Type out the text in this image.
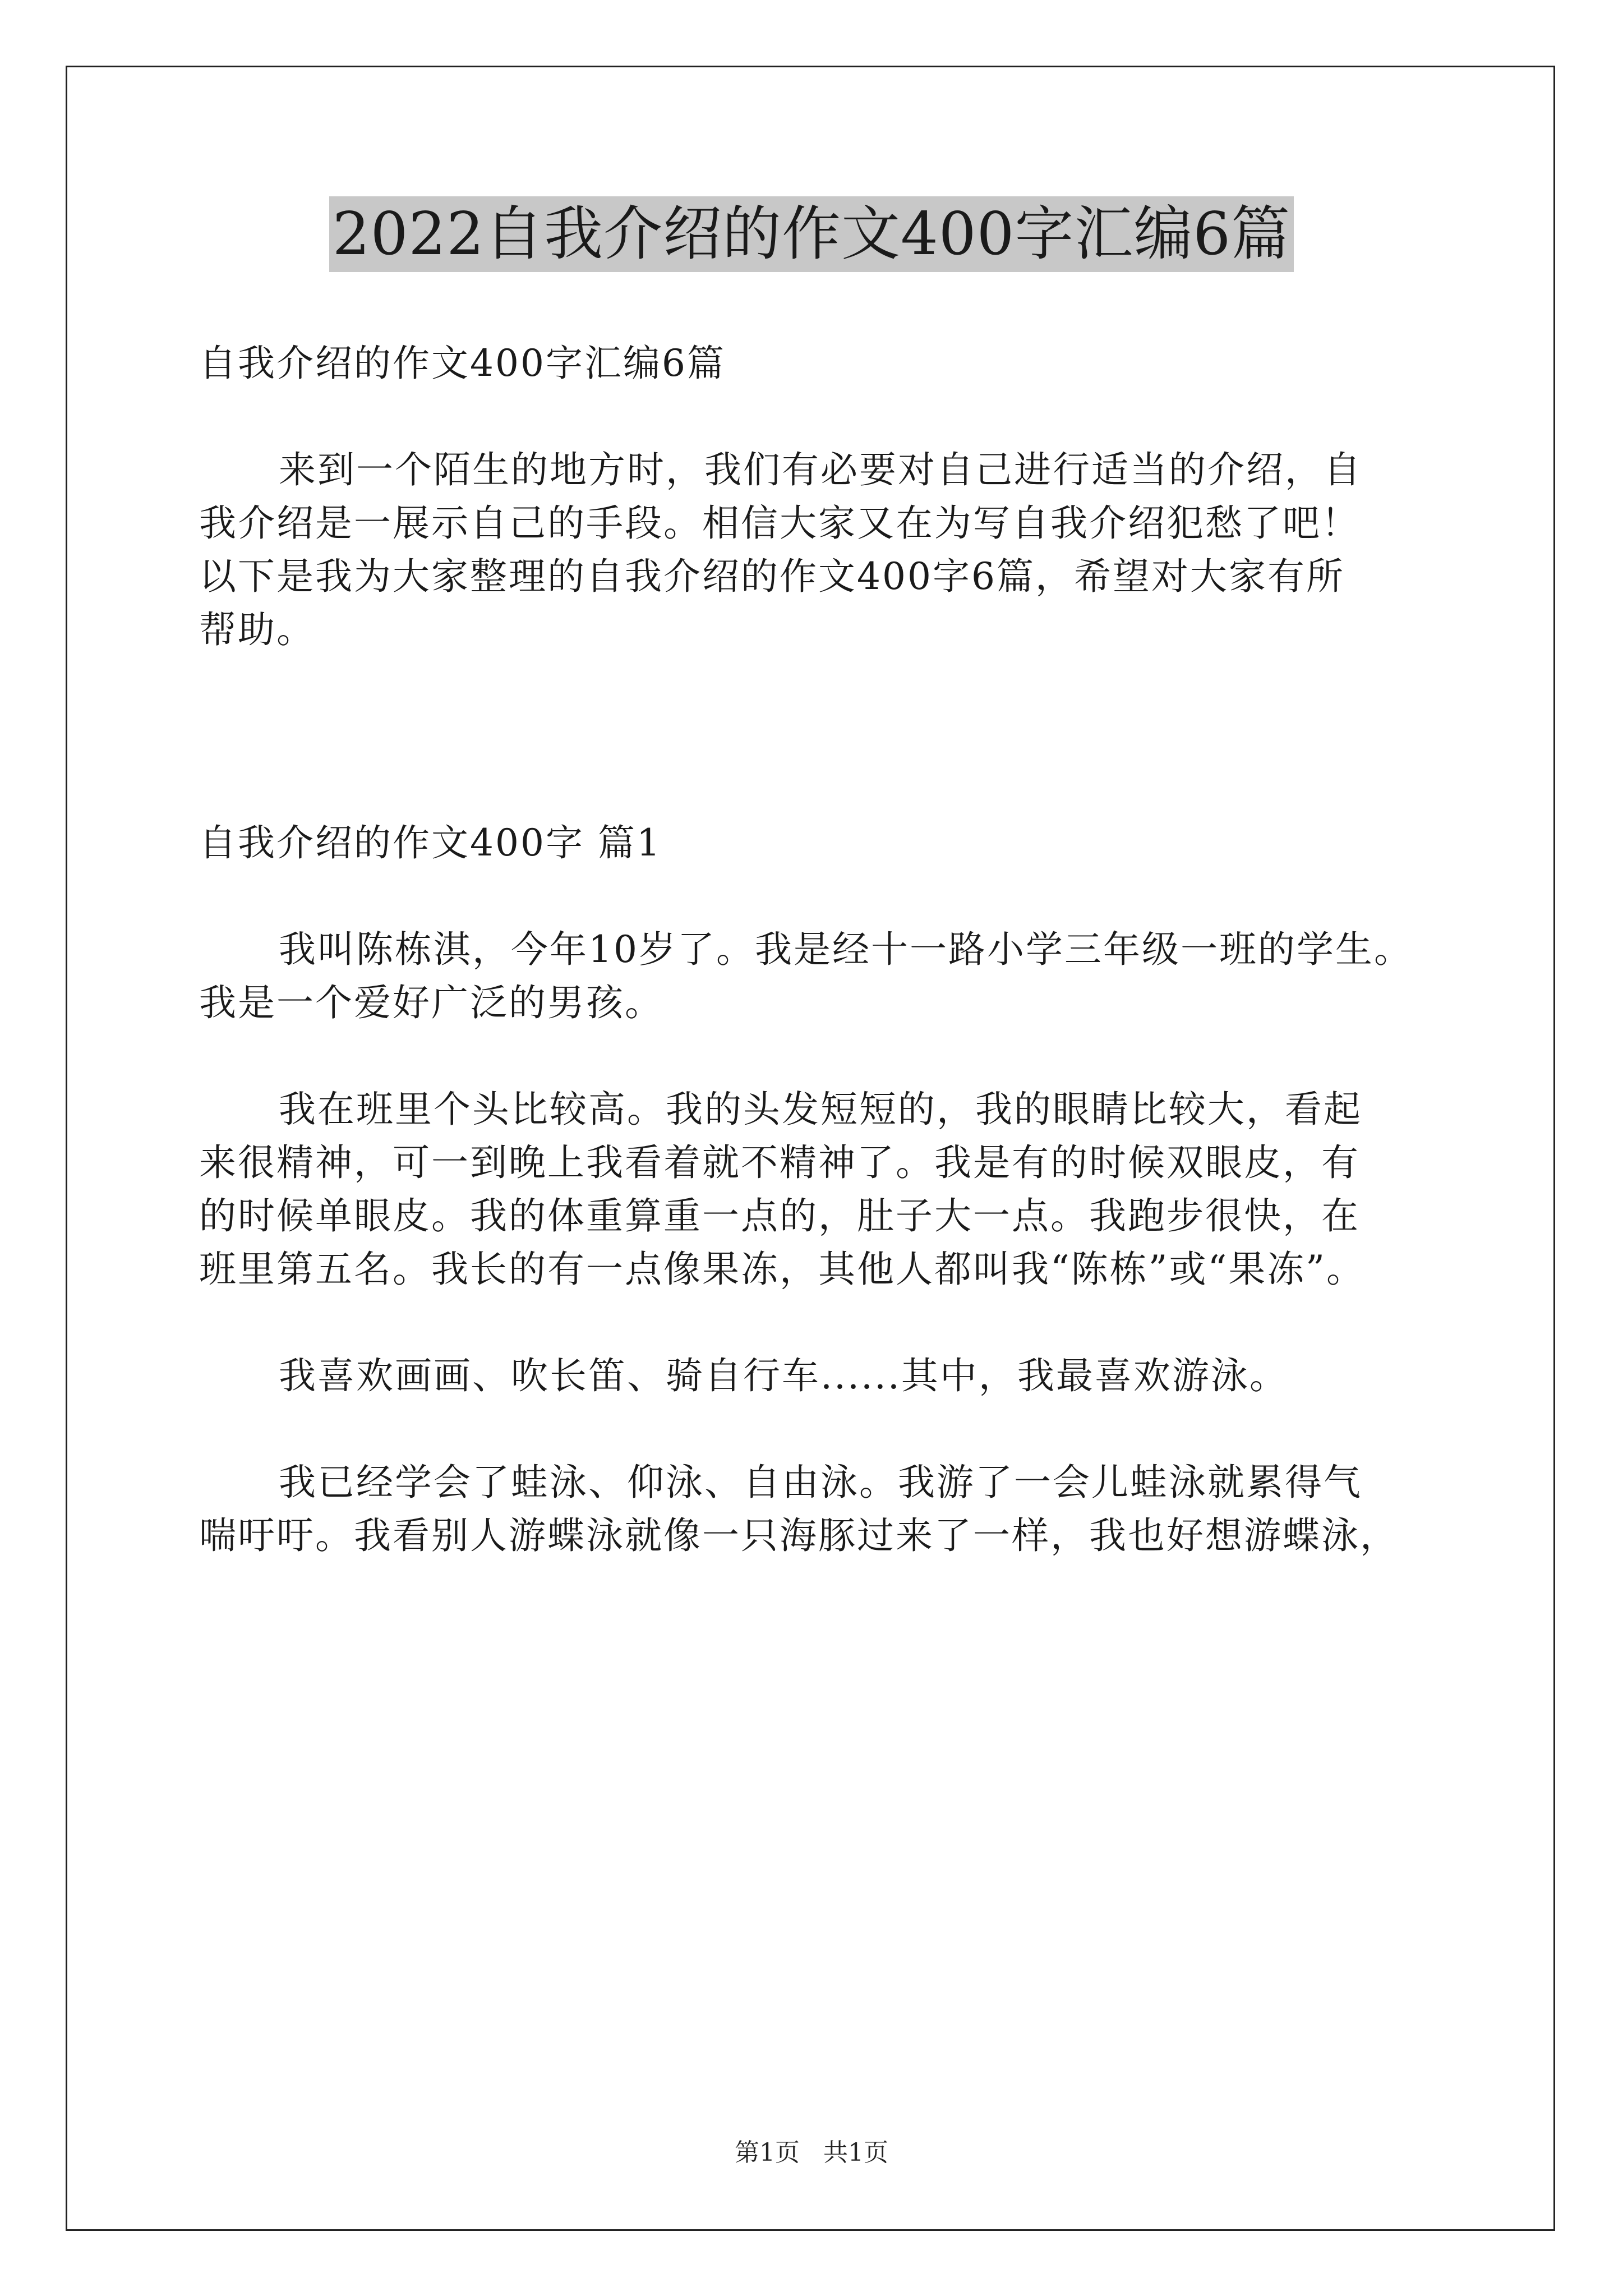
2022自我介绍的作文400字汇编6篇

自我介绍的作文400字汇编6篇

来到一个陌生的地方时，我们有必要对自己进行适当的介绍，自

我介绍是一展示自己的手段。相信大家又在为写自我介绍犯愁了吧！

以下是我为大家整理的自我介绍的作文400字6篇，希望对大家有所

帮助。

自我介绍的作文400字 篇1

我叫陈栋淇，今年10岁了。我是经十一路小学三年级一班的学生。

我是一个爱好广泛的男孩。

我在班里个头比较高。我的头发短短的，我的眼睛比较大，看起

来很精神，可一到晚上我看着就不精神了。我是有的时候双眼皮，有

的时候单眼皮。我的体重算重一点的，肚子大一点。我跑步很快，在

班里第五名。我长的有一点像果冻，其他人都叫我“陈栋”或“果冻”。

我喜欢画画、吹长笛、骑自行车......其中，我最喜欢游泳。

我已经学会了蛙泳、仰泳、自由泳。我游了一会儿蛙泳就累得气

喘吁吁。我看别人游蝶泳就像一只海豚过来了一样，我也好想游蝶泳，

第1页 共1页
